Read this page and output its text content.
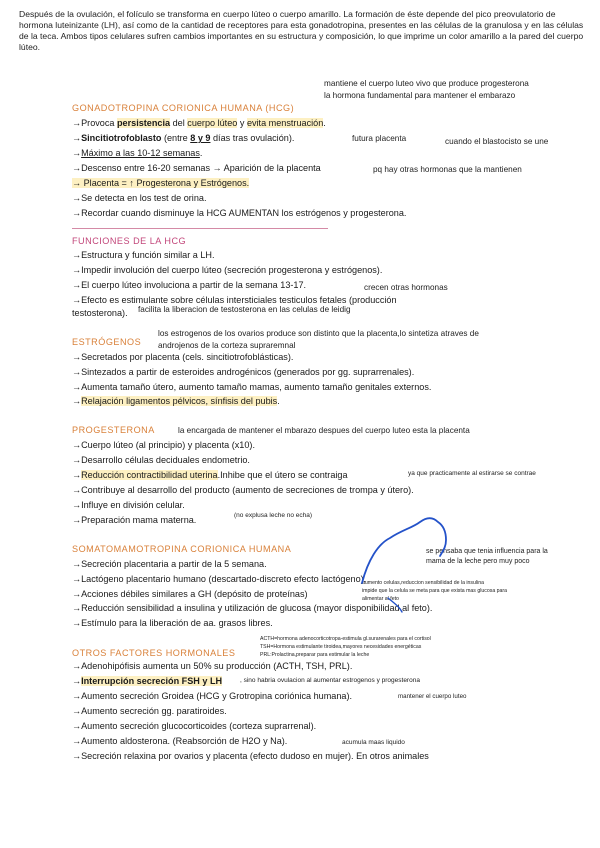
Después de la ovulación, el folículo se transforma en cuerpo lúteo o cuerpo amarillo. La formación de éste depende del pico preovulatorio de hormona luteinizante (LH), así como de la cantidad de receptores para esta gonadotropina, presentes en las células de la granulosa y en las células de la teca. Ambos tipos celulares sufren cambios importantes en su estructura y composición, lo que imprime un color amarillo a la pared del cuerpo lúteo.
mantiene el cuerpo luteo vivo que produce progesterona
la hormona fundamental para mantener el embarazo
GONADOTROPINA CORIONICA HUMANA (HCG)
→Provoca persistencia del cuerpo lúteo y evita menstruación.
→Sincitiotrofoblasto (entre 8 y 9 días tras ovulación).	futura placenta	cuando el blastocisto se une
→Máximo a las 10-12 semanas.
→Descenso entre 16-20 semanas → Aparición de la placenta	pq hay otras hormonas que la mantienen
→ Placenta = ↑ Progesterona y Estrógenos.
→Se detecta en los test de orina.
→Recordar cuando disminuye la HCG AUMENTAN los estrógenos y progesterona.
FUNCIONES DE LA HCG
→Estructura y función similar a LH.
→Impedir involución del cuerpo lúteo (secreción progesterona y estrógenos).
→El cuerpo lúteo involuciona a partir de la semana 13-17.	crecen otras hormonas
→Efecto es estimulante sobre células intersticiales testiculos fetales (producción
testosterona). facilita la liberacion de testosterona en las celulas de leidig
los estrogenos de los ovarios produce son distinto que la placenta,lo sintetiza atraves de
androjenos de la corteza supraremnal
ESTRÓGENOS
→Secretados por placenta (cels. sincitiotrofoblásticas).
→Sintezados a partir de esteroides androgénicos (generados por gg. suprarrenales).
→Aumenta tamaño útero, aumento tamaño mamas, aumento tamaño genitales externos.
→Relajación ligamentos pélvicos, sínfisis del pubis.
PROGESTERONA	la encargada de mantener el mbarazo despues del cuerpo luteo esta la placenta
→Cuerpo lúteo (al principio) y placenta (x10).
→Desarrollo células deciduales endometrio.
→Reducción contractibilidad uterina.Inhibe que el útero se contraiga	ya que practicamente al estirarse se contrae
→Contribuye al desarrollo del producto (aumento de secreciones de trompa y útero).
→Influye en división celular.
→Preparación mama materna.	(no explusa leche no echa)
SOMATOMAMOTROPINA CORIONICA HUMANA	se pensaba que tenia influencia para la
mama de la leche pero muy poco
→Secreción placentaria a partir de la 5 semana.
→Lactógeno placentario humano (descartado-discreto efecto lactógeno).
→Acciones débiles similares a GH (depósito de proteínas)
aumento celulas,reduccion sensibilidad de la insulina
impide que la celula se meta para que exista mas glucosa para
alimentar al feto
→Reducción sensibilidad a insulina y utilización de glucosa (mayor disponibilidad al feto).
→Estímulo para la liberación de aa. grasos libres.
OTROS FACTORES HORMONALES
ACTH=hormona adenocorticotropa-estimula gl.surarenales para el cortisol
TSH=Hormona estimulante tiroidea,mayores necesidades energéticas
PRL:Prolactina,preparar para estimular la leche
→Adenohipófisis aumenta un 50% su producción (ACTH, TSH, PRL).
→Interrupción secreción FSH y LH	, sino habria ovulacion al aumentar estrogenos y progesterona
→Aumento secreción Groidea (HCG y Grotropina coriónica humana).	mantener el cuerpo luteo
→Aumento secreción gg. paratiroides.
→Aumento secreción glucocorticoides (corteza suprarrenal).
→Aumento aldosterona. (Reabsorción de H2O y Na).	acumula maas liquido
→Secreción relaxina por ovarios y placenta (efecto dudoso en mujer). En otros animales
